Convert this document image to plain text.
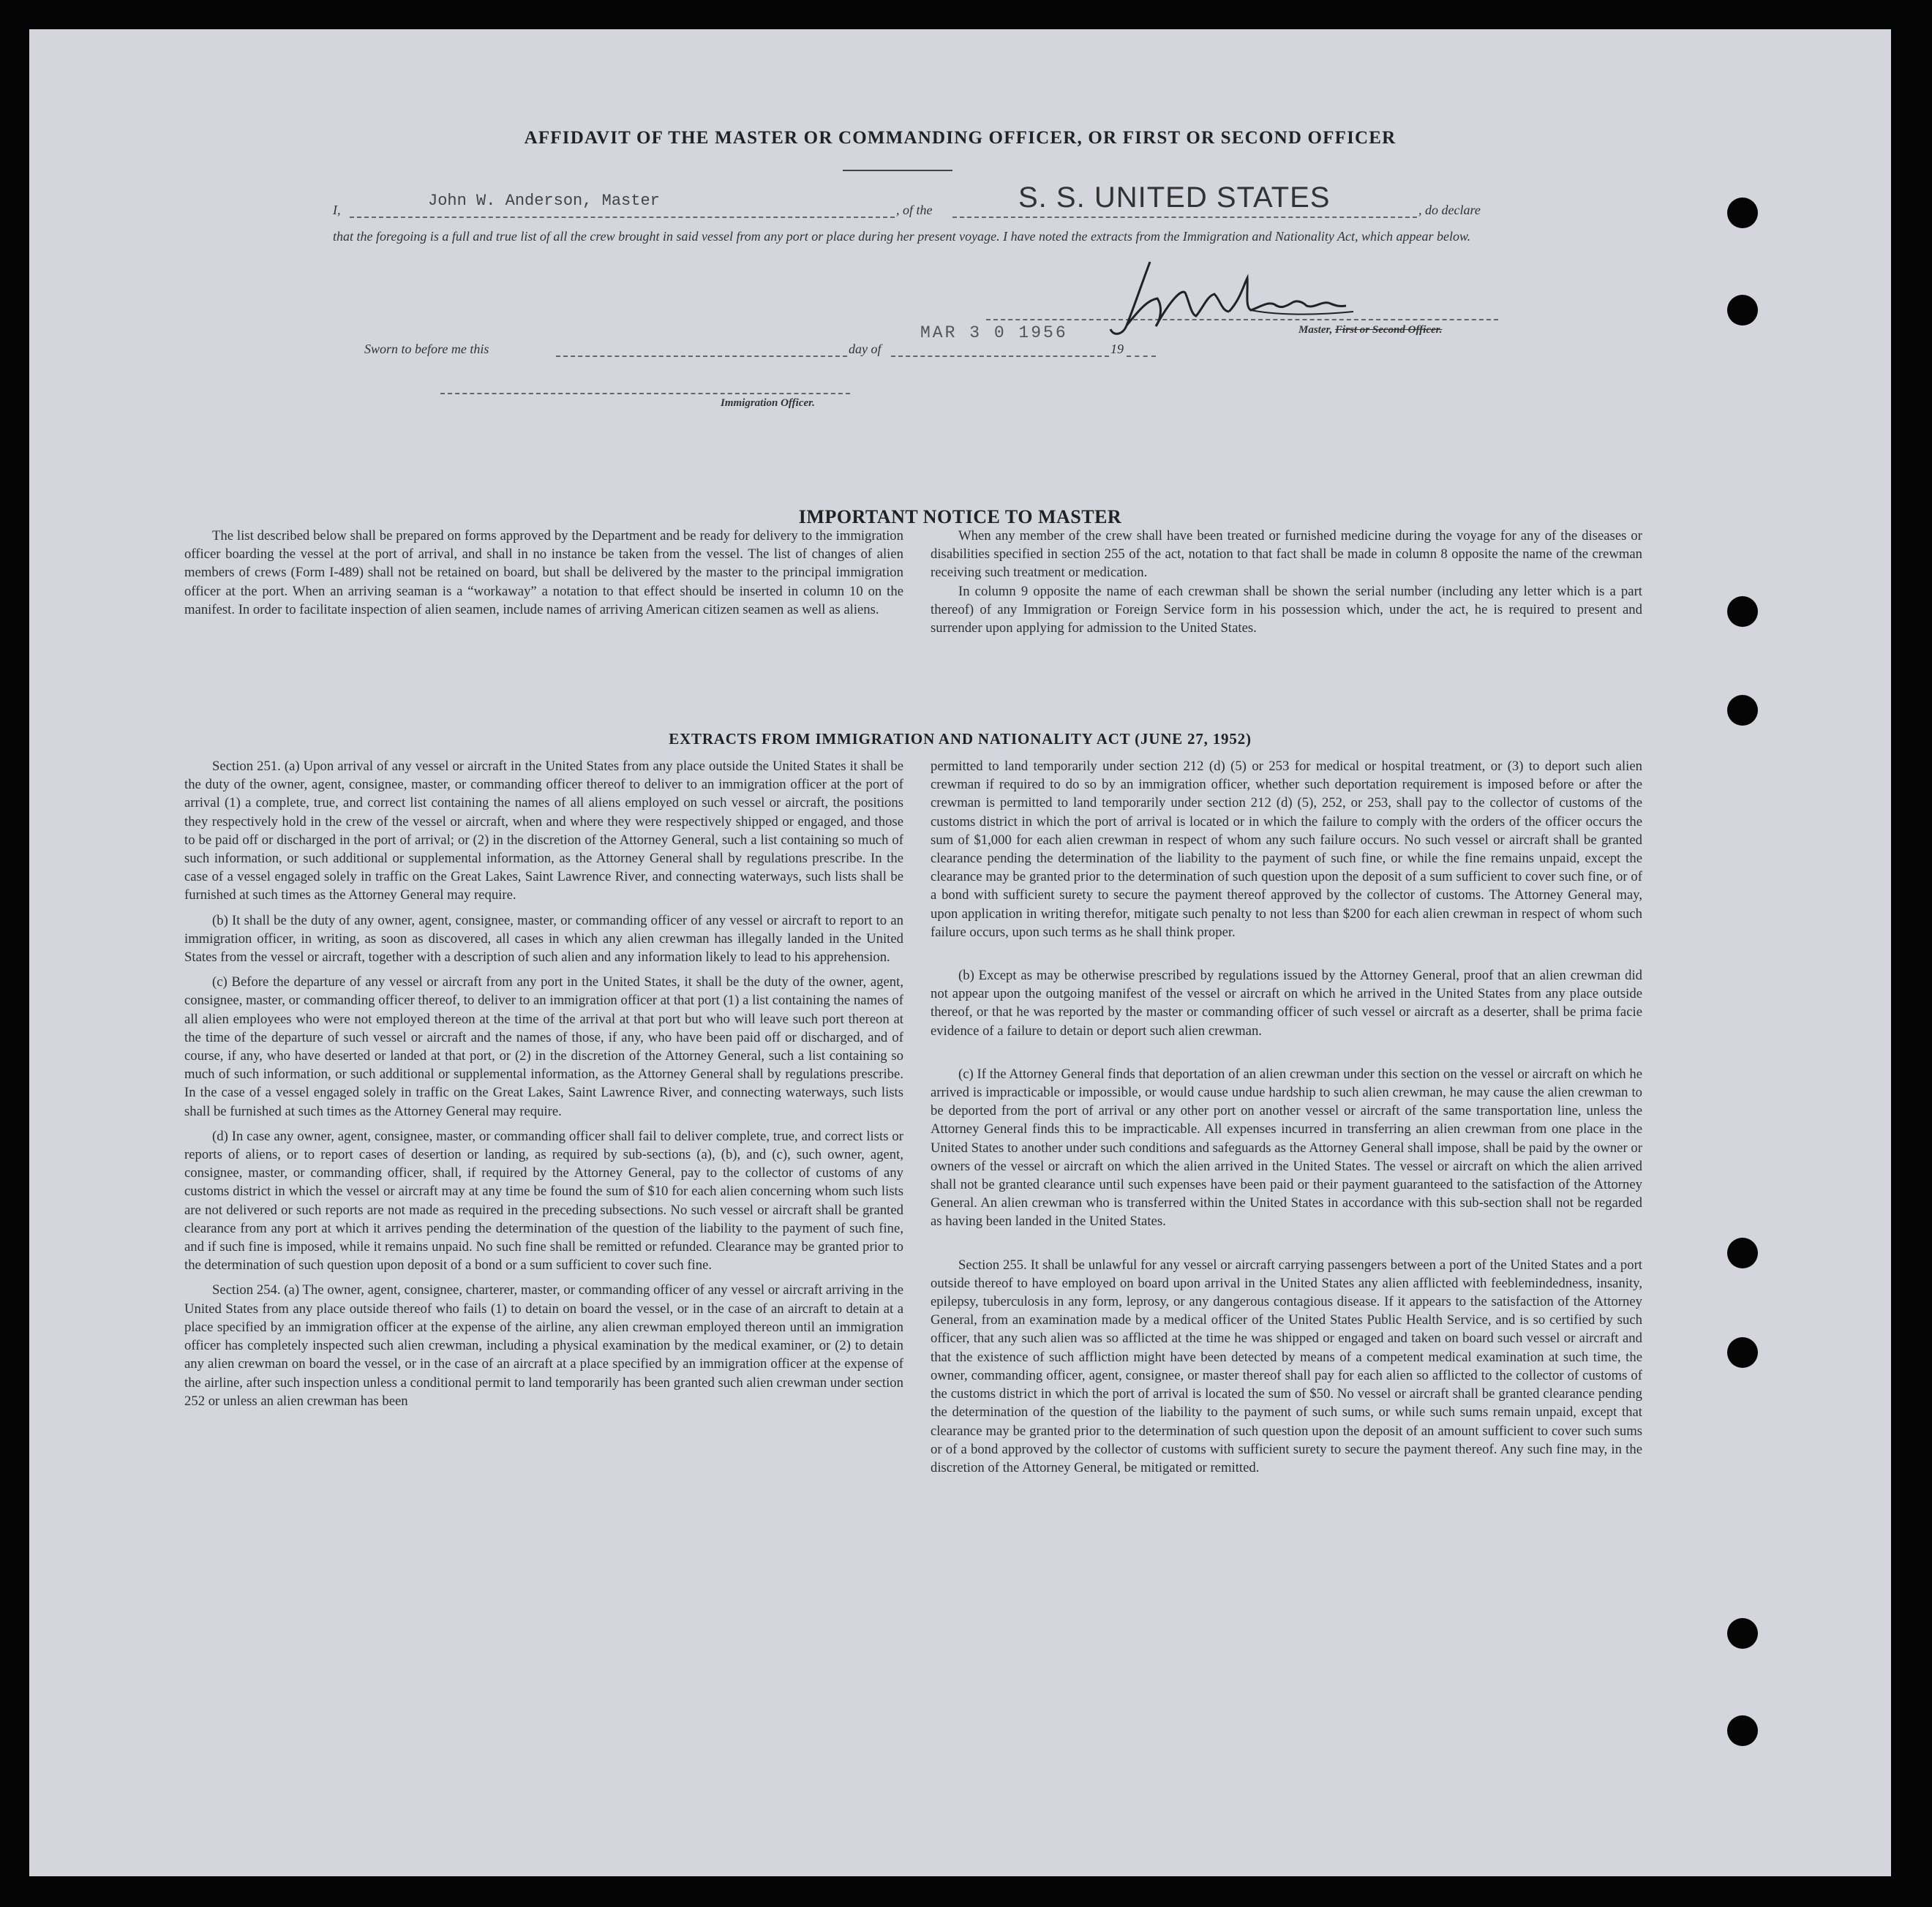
AFFIDAVIT OF THE MASTER OR COMMANDING OFFICER, OR FIRST OR SECOND OFFICER
I,	John W. Anderson, Master	, of the	S. S. UNITED STATES	, do declare
that the foregoing is a full and true list of all the crew brought in said vessel from any port or place during her present voyage. I have noted the extracts from the Immigration and Nationality Act, which appear below.
Master, First or Second Officer.
Sworn to before me this	day of
MAR 3 0 1956
19
Immigration Officer.
IMPORTANT NOTICE TO MASTER

The list described below shall be prepared on forms approved by the Department and be ready for delivery to the immigration officer boarding the vessel at the port of arrival, and shall in no instance be taken from the vessel. The list of changes of alien members of crews (Form I-489) shall not be retained on board, but shall be delivered by the master to the principal immigration officer at the port. When an arriving seaman is a “workaway” a notation to that effect should be inserted in column 10 on the manifest. In order to facilitate inspection of alien seamen, include names of arriving American citizen seamen as well as aliens.

When any member of the crew shall have been treated or furnished medicine during the voyage for any of the diseases or disabilities specified in section 255 of the act, notation to that fact shall be made in column 8 opposite the name of the crewman receiving such treatment or medication.

In column 9 opposite the name of each crewman shall be shown the serial number (including any letter which is a part thereof) of any Immigration or Foreign Service form in his possession which, under the act, he is required to present and surrender upon applying for admission to the United States.

EXTRACTS FROM IMMIGRATION AND NATIONALITY ACT (JUNE 27, 1952)

Section 251. (a) Upon arrival of any vessel or aircraft in the United States from any place outside the United States it shall be the duty of the owner, agent, consignee, master, or commanding officer thereof to deliver to an immigration officer at the port of arrival (1) a complete, true, and correct list containing the names of all aliens employed on such vessel or aircraft, the positions they respectively hold in the crew of the vessel or aircraft, when and where they were respectively shipped or engaged, and those to be paid off or discharged in the port of arrival; or (2) in the discretion of the Attorney General, such a list containing so much of such information, or such additional or supplemental information, as the Attorney General shall by regulations prescribe. In the case of a vessel engaged solely in traffic on the Great Lakes, Saint Lawrence River, and connecting waterways, such lists shall be furnished at such times as the Attorney General may require.

(b) It shall be the duty of any owner, agent, consignee, master, or commanding officer of any vessel or aircraft to report to an immigration officer, in writing, as soon as discovered, all cases in which any alien crewman has illegally landed in the United States from the vessel or aircraft, together with a description of such alien and any information likely to lead to his apprehension.

(c) Before the departure of any vessel or aircraft from any port in the United States, it shall be the duty of the owner, agent, consignee, master, or commanding officer thereof, to deliver to an immigration officer at that port (1) a list containing the names of all alien employees who were not employed thereon at the time of the arrival at that port but who will leave such port thereon at the time of the departure of such vessel or aircraft and the names of those, if any, who have been paid off or discharged, and of course, if any, who have deserted or landed at that port, or (2) in the discretion of the Attorney General, such a list containing so much of such information, or such additional or supplemental information, as the Attorney General shall by regulations prescribe. In the case of a vessel engaged solely in traffic on the Great Lakes, Saint Lawrence River, and connecting waterways, such lists shall be furnished at such times as the Attorney General may require.

(d) In case any owner, agent, consignee, master, or commanding officer shall fail to deliver complete, true, and correct lists or reports of aliens, or to report cases of desertion or landing, as required by sub-sections (a), (b), and (c), such owner, agent, consignee, master, or commanding officer, shall, if required by the Attorney General, pay to the collector of customs of any customs district in which the vessel or aircraft may at any time be found the sum of $10 for each alien concerning whom such lists are not delivered or such reports are not made as required in the preceding subsections. No such vessel or aircraft shall be granted clearance from any port at which it arrives pending the determination of the question of the liability to the payment of such fine, and if such fine is imposed, while it remains unpaid. No such fine shall be remitted or refunded. Clearance may be granted prior to the determination of such question upon deposit of a bond or a sum sufficient to cover such fine.

Section 254. (a) The owner, agent, consignee, charterer, master, or commanding officer of any vessel or aircraft arriving in the United States from any place outside thereof who fails (1) to detain on board the vessel, or in the case of an aircraft to detain at a place specified by an immigration officer at the expense of the airline, any alien crewman employed thereon until an immigration officer has completely inspected such alien crewman, including a physical examination by the medical examiner, or (2) to detain any alien crewman on board the vessel, or in the case of an aircraft at a place specified by an immigration officer at the expense of the airline, after such inspection unless a conditional permit to land temporarily has been granted such alien crewman under section 252 or unless an alien crewman has been

permitted to land temporarily under section 212 (d) (5) or 253 for medical or hospital treatment, or (3) to deport such alien crewman if required to do so by an immigration officer, whether such deportation requirement is imposed before or after the crewman is permitted to land temporarily under section 212 (d) (5), 252, or 253, shall pay to the collector of customs of the customs district in which the port of arrival is located or in which the failure to comply with the orders of the officer occurs the sum of $1,000 for each alien crewman in respect of whom any such failure occurs. No such vessel or aircraft shall be granted clearance pending the determination of the liability to the payment of such fine, or while the fine remains unpaid, except the clearance may be granted prior to the determination of such question upon the deposit of a sum sufficient to cover such fine, or of a bond with sufficient surety to secure the payment thereof approved by the collector of customs. The Attorney General may, upon application in writing therefor, mitigate such penalty to not less than $200 for each alien crewman in respect of whom such failure occurs, upon such terms as he shall think proper.

(b) Except as may be otherwise prescribed by regulations issued by the Attorney General, proof that an alien crewman did not appear upon the outgoing manifest of the vessel or aircraft on which he arrived in the United States from any place outside thereof, or that he was reported by the master or commanding officer of such vessel or aircraft as a deserter, shall be prima facie evidence of a failure to detain or deport such alien crewman.

(c) If the Attorney General finds that deportation of an alien crewman under this section on the vessel or aircraft on which he arrived is impracticable or impossible, or would cause undue hardship to such alien crewman, he may cause the alien crewman to be deported from the port of arrival or any other port on another vessel or aircraft of the same transportation line, unless the Attorney General finds this to be impracticable. All expenses incurred in transferring an alien crewman from one place in the United States to another under such conditions and safeguards as the Attorney General shall impose, shall be paid by the owner or owners of the vessel or aircraft on which the alien arrived in the United States. The vessel or aircraft on which the alien arrived shall not be granted clearance until such expenses have been paid or their payment guaranteed to the satisfaction of the Attorney General. An alien crewman who is transferred within the United States in accordance with this sub-section shall not be regarded as having been landed in the United States.

Section 255. It shall be unlawful for any vessel or aircraft carrying passengers between a port of the United States and a port outside thereof to have employed on board upon arrival in the United States any alien afflicted with feeblemindedness, insanity, epilepsy, tuberculosis in any form, leprosy, or any dangerous contagious disease. If it appears to the satisfaction of the Attorney General, from an examination made by a medical officer of the United States Public Health Service, and is so certified by such officer, that any such alien was so afflicted at the time he was shipped or engaged and taken on board such vessel or aircraft and that the existence of such affliction might have been detected by means of a competent medical examination at such time, the owner, commanding officer, agent, consignee, or master thereof shall pay for each alien so afflicted to the collector of customs of the customs district in which the port of arrival is located the sum of $50. No vessel or aircraft shall be granted clearance pending the determination of the question of the liability to the payment of such sums, or while such sums remain unpaid, except that clearance may be granted prior to the determination of such question upon the deposit of an amount sufficient to cover such sums or of a bond approved by the collector of customs with sufficient surety to secure the payment thereof. Any such fine may, in the discretion of the Attorney General, be mitigated or remitted.
